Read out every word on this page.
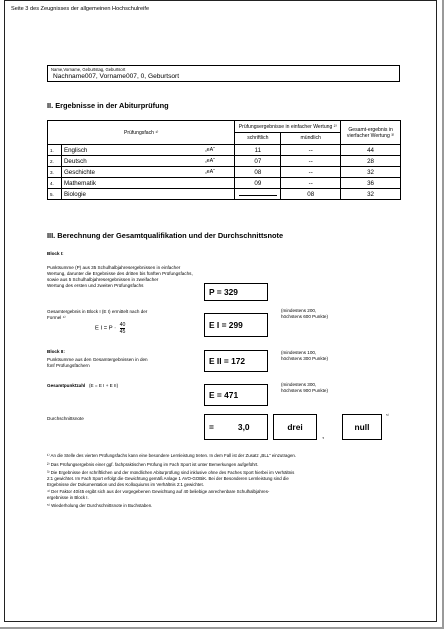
Seite 3 des Zeugnisses der allgemeinen Hochschulreife
Name,Vorname, Geburtstag, Geburtsort
Nachname007, Vorname007, 0, Geburtsort
II. Ergebnisse in der Abiturprüfung
Prüfungsfach ¹⁾			Prüfungsergebnisse in einfacher Wertung ²⁾		Gesamt-ergebnis in vierfacher Wertung ³⁾
			schriftlich	mündlich	
1.	Englisch	„eA“	11	--	44
2.	Deutsch	„eA“	07	--	28
3.	Geschichte	„eA“	08	--	32
4.	Mathematik		09	--	36
5.	Biologie			08	32
III. Berechnung der Gesamtqualifikation und der Durchschnittsnote
Block I:
Punktsumme (P) aus 35 Schulhalbjahresergebnissen in einfacher
Wertung, darunter die Ergebnisse des dritten bis fünften Prüfungsfachs,
sowie aus 5 Schulhalbjahresergebnissen in zweifacher
Wertung des ersten und zweiten Prüfungsfachs
P = 329
Gesamtergebnis in Block I (E I) ermittelt nach der
Formel ⁴⁾
E $I = P \cdot \frac{40}{45}$	E I = 299
(mindestens 200,
höchstens 600 Punkte)
Block II:
Punktsumme aus den Gesamtergebnissen in den
fünf Prüfungsfächern	E II = 172
(mindestens 100,
höchstens 300 Punkte)
Gesamtpunktzahl (E = E I + E II)
E = 471
(mindestens 300,
höchstens 900 Punkte)
Durchschnittsnote
=	3,0	drei
,
null
⁵⁾
¹⁾ An die Stelle des vierten Prüfungsfachs kann eine besondere Lernleistung treten. In dem Fall ist der Zusatz „BLL“ einzutragen.
²⁾ Das Prüfungsergebnis einer ggf. fachpraktischen Prüfung im Fach Sport ist unter Bemerkungen aufgeführt.
³⁾ Die Ergebnisse der schriftlichen und der mündlichen Abiturprüfung sind inklusive ohne des Faches Sport hierbei im Verhältnis
2:1 gewichtet. Im Fach Sport erfolgt die Gewichtung gemäß Anlage 1 AVO-GOBiK. Bei der Besonderen Lernleistung sind die
Ergebnisse der Dokumentation und des Kolloquiums im Verhältnis 2:1 gewichtet.
⁴⁾ Der Faktor 40/45 ergibt sich aus der vorgegebenen Gewichtung auf 40 beliebige anrechenbare Schulhalbjahres-
ergebnisse in Block I.
⁵⁾ Wiederholung der Durchschnittsnote in Buchstaben.
